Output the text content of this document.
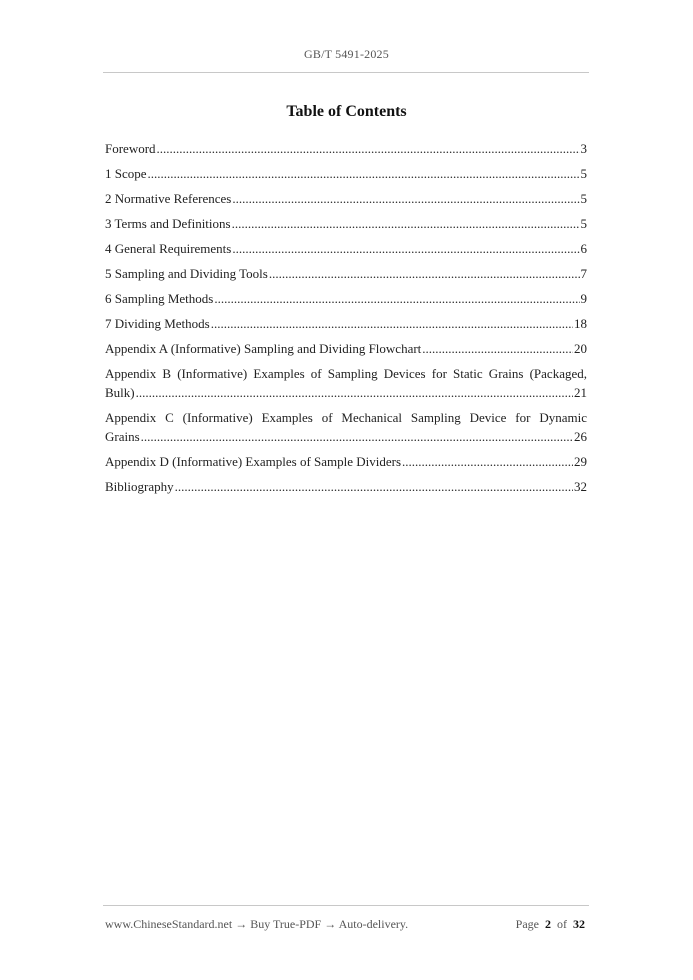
GB/T 5491-2025
Table of Contents
Foreword .....	3
1 Scope .....	5
2 Normative References .....	5
3 Terms and Definitions .....	5
4 General Requirements .....	6
5 Sampling and Dividing Tools .....	7
6 Sampling Methods .....	9
7 Dividing Methods .....	18
Appendix A (Informative) Sampling and Dividing Flowchart .....	20
Appendix B (Informative) Examples of Sampling Devices for Static Grains (Packaged,
Bulk) .....	21
Appendix C (Informative) Examples of Mechanical Sampling Device for Dynamic
Grains .....	26
Appendix D (Informative) Examples of Sample Dividers .....	29
Bibliography .....	32
www.ChineseStandard.net → Buy True-PDF → Auto-delivery.	Page 2 of 32
